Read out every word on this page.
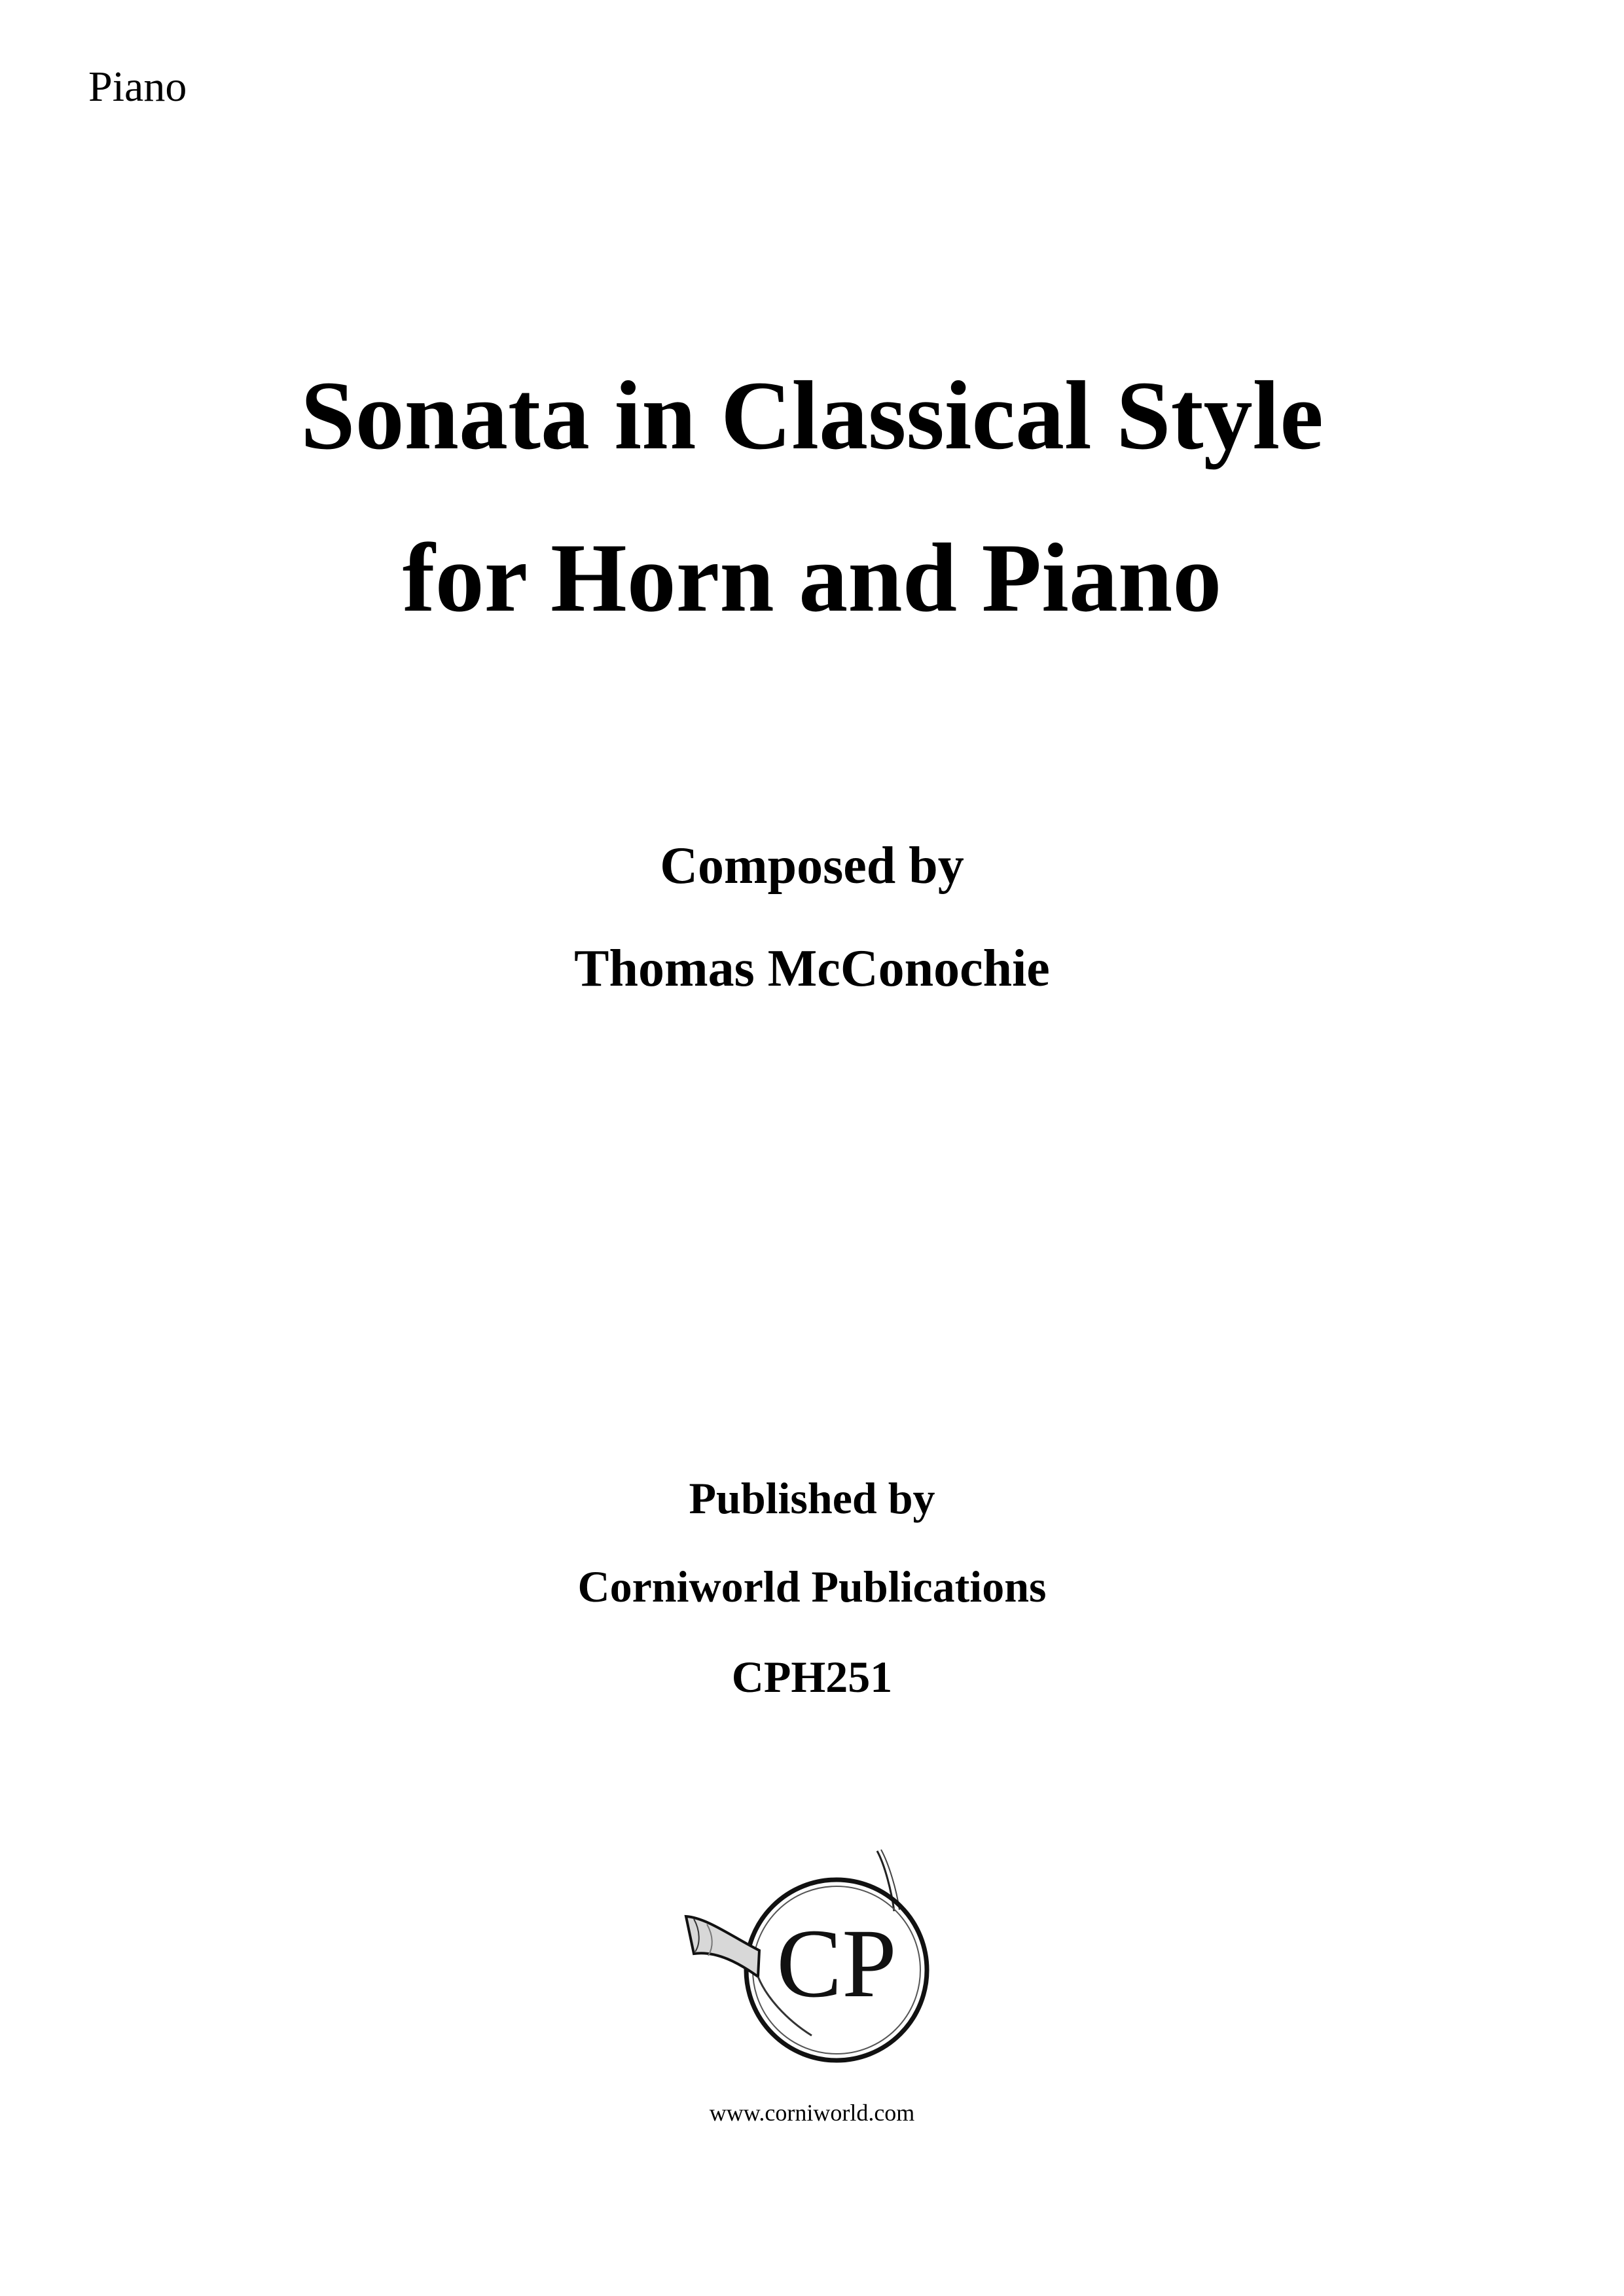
Piano
Sonata in Classical Style
for Horn and Piano
Composed by
Thomas McConochie
Published by
Corniworld Publications
CPH251
CP
www.corniworld.com
